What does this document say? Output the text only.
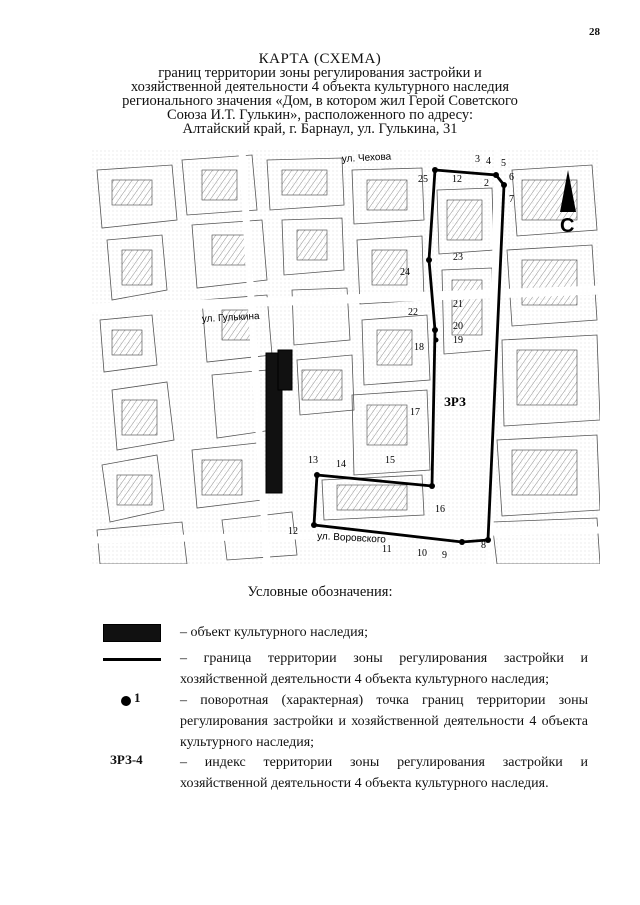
28
КАРТА (СХЕМА)
границ территории зоны регулирования застройки и
хозяйственной деятельности 4 объекта культурного наследия
регионального значения «Дом, в котором жил Герой Советского
Союза И.Т. Гулькин», расположенного по адресу:
Алтайский край, г. Барнаул, ул. Гулькина, 31
С
ул. Чехова
ул. Гулькина
ул. Воровского
ЗРЗ
3 4 5
6
7
2
8
9
10
11
12
12
13 14	15
16
17
18
19
20
21
22
23
24
25
Условные обозначения:
– объект культурного наследия;
– граница территории зоны регулирования застройки и хозяйственной деятельности 4 объекта культурного наследия;
1	– поворотная (характерная) точка границ территории зоны регулирования застройки и хозяйственной деятельности 4 объекта культурного наследия;
ЗРЗ-4	– индекс территории зоны регулирования застройки и хозяйственной деятельности 4 объекта культурного наследия.
